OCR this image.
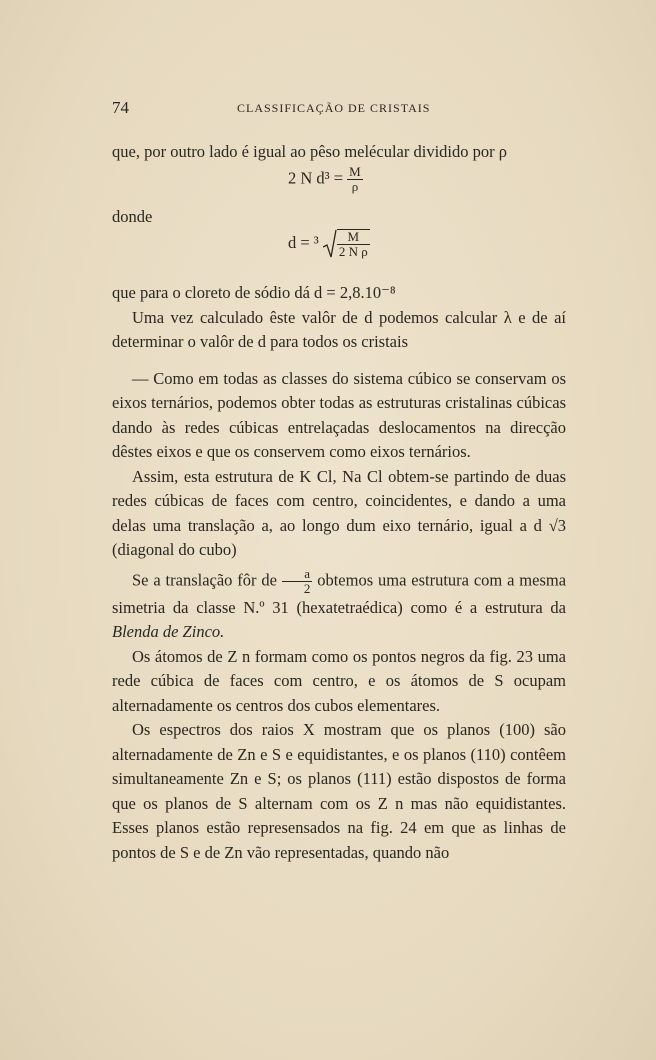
74	CLASSIFICAÇÃO DE CRISTAIS

que, por outro lado é igual ao pêso melécular dividido por ρ

2 N $d^3 = \frac{M}{\rho}$

donde

$d = ^3 \frac{M}{\text{2 N ρ}}$

que para o cloreto de sódio dá d = 2,8.10⁻⁸

Uma vez calculado êste valôr de d podemos calcular λ e de aí determinar o valôr de d para todos os cristais

— Como em todas as classes do sistema cúbico se conservam os eixos ternários, podemos obter todas as estruturas cristalinas cúbicas dando às redes cúbicas entrelaçadas deslocamentos na direcção dêstes eixos e que os conservem como eixos ternários.

Assim, esta estrutura de K Cl, Na Cl obtem-se partindo de duas redes cúbicas de faces com centro, coincidentes, e dando a uma delas uma translação a, ao longo dum eixo ternário, igual a d √3 (diagonal do cubo)

Se a translação fôr de $\frac{a}{2}$ obtemos uma estrutura com a mesma simetria da classe N.º 31 (hexatetraédica) como é a estrutura da Blenda de Zinco.

Os átomos de Z n formam como os pontos negros da fig. 23 uma rede cúbica de faces com centro, e os átomos de S ocupam alternadamente os centros dos cubos elementares.

Os espectros dos raios X mostram que os planos (100) são alternadamente de Zn e S e equidistantes, e os planos (110) contêem simultaneamente Zn e S; os planos (111) estão dispostos de forma que os planos de S alternam com os Z n mas não equidistantes. Esses planos estão represensados na fig. 24 em que as linhas de pontos de S e de Zn vão representadas, quando não
